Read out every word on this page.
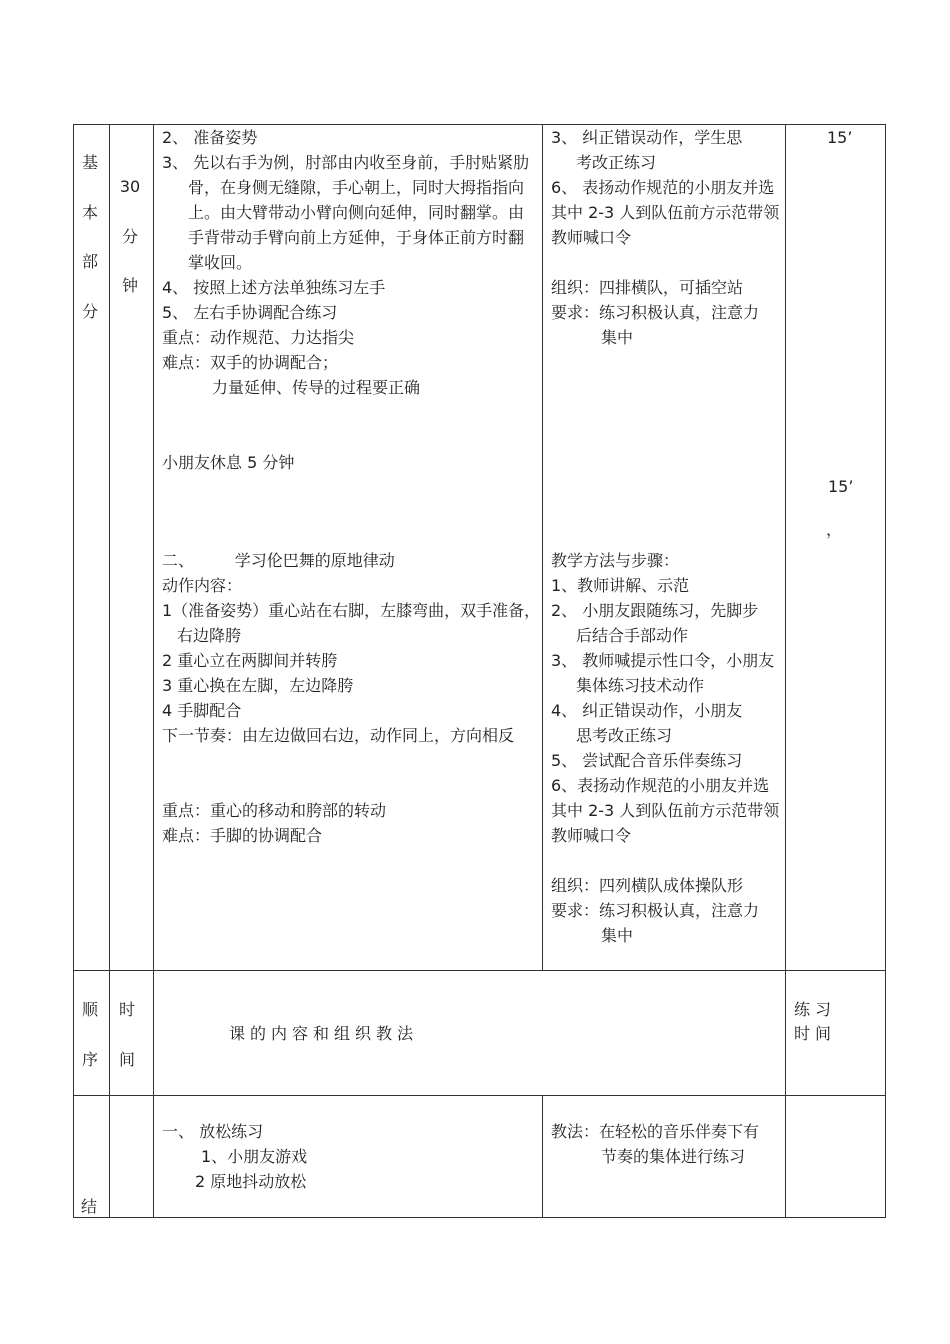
基
本
部
分
30
分
钟
2、 准备姿势
3、 先以右手为例，肘部由内收至身前，手肘贴紧肋
骨，在身侧无缝隙，手心朝上，同时大拇指指向
上。由大臂带动小臂向侧向延伸，同时翻掌。由
手背带动手臂向前上方延伸，于身体正前方时翻
掌收回。
4、 按照上述方法单独练习左手
5、 左右手协调配合练习
重点：动作规范、力达指尖
难点：双手的协调配合；
力量延伸、传导的过程要正确
小朋友休息 5 分钟
二、        学习伦巴舞的原地律动
动作内容：
1（准备姿势）重心站在右脚，左膝弯曲，双手准备，
右边降胯
2 重心立在两脚间并转胯
3 重心换在左脚，左边降胯
4 手脚配合
下一节奏：由左边做回右边，动作同上，方向相反
重点：重心的移动和胯部的转动
难点：手脚的协调配合
3、 纠正错误动作，学生思
考改正练习
6、 表扬动作规范的小朋友并选
其中 2-3 人到队伍前方示范带领
教师喊口令
组织：四排横队，可插空站
要求：练习积极认真，注意力
集中
教学方法与步骤：
1、教师讲解、示范
2、 小朋友跟随练习，先脚步
后结合手部动作
3、 教师喊提示性口令，小朋友
集体练习技术动作
4、 纠正错误动作，小朋友
思考改正练习
5、 尝试配合音乐伴奏练习
6、表扬动作规范的小朋友并选
其中 2-3 人到队伍前方示范带领
教师喊口令
组织：四列横队成体操队形
要求：练习积极认真，注意力
集中
15’
15’
，
顺
序
时
间
课的内容和组织教法
练习
时间
结
一、 放松练习
1、小朋友游戏
2 原地抖动放松
教法：在轻松的音乐伴奏下有
节奏的集体进行练习
